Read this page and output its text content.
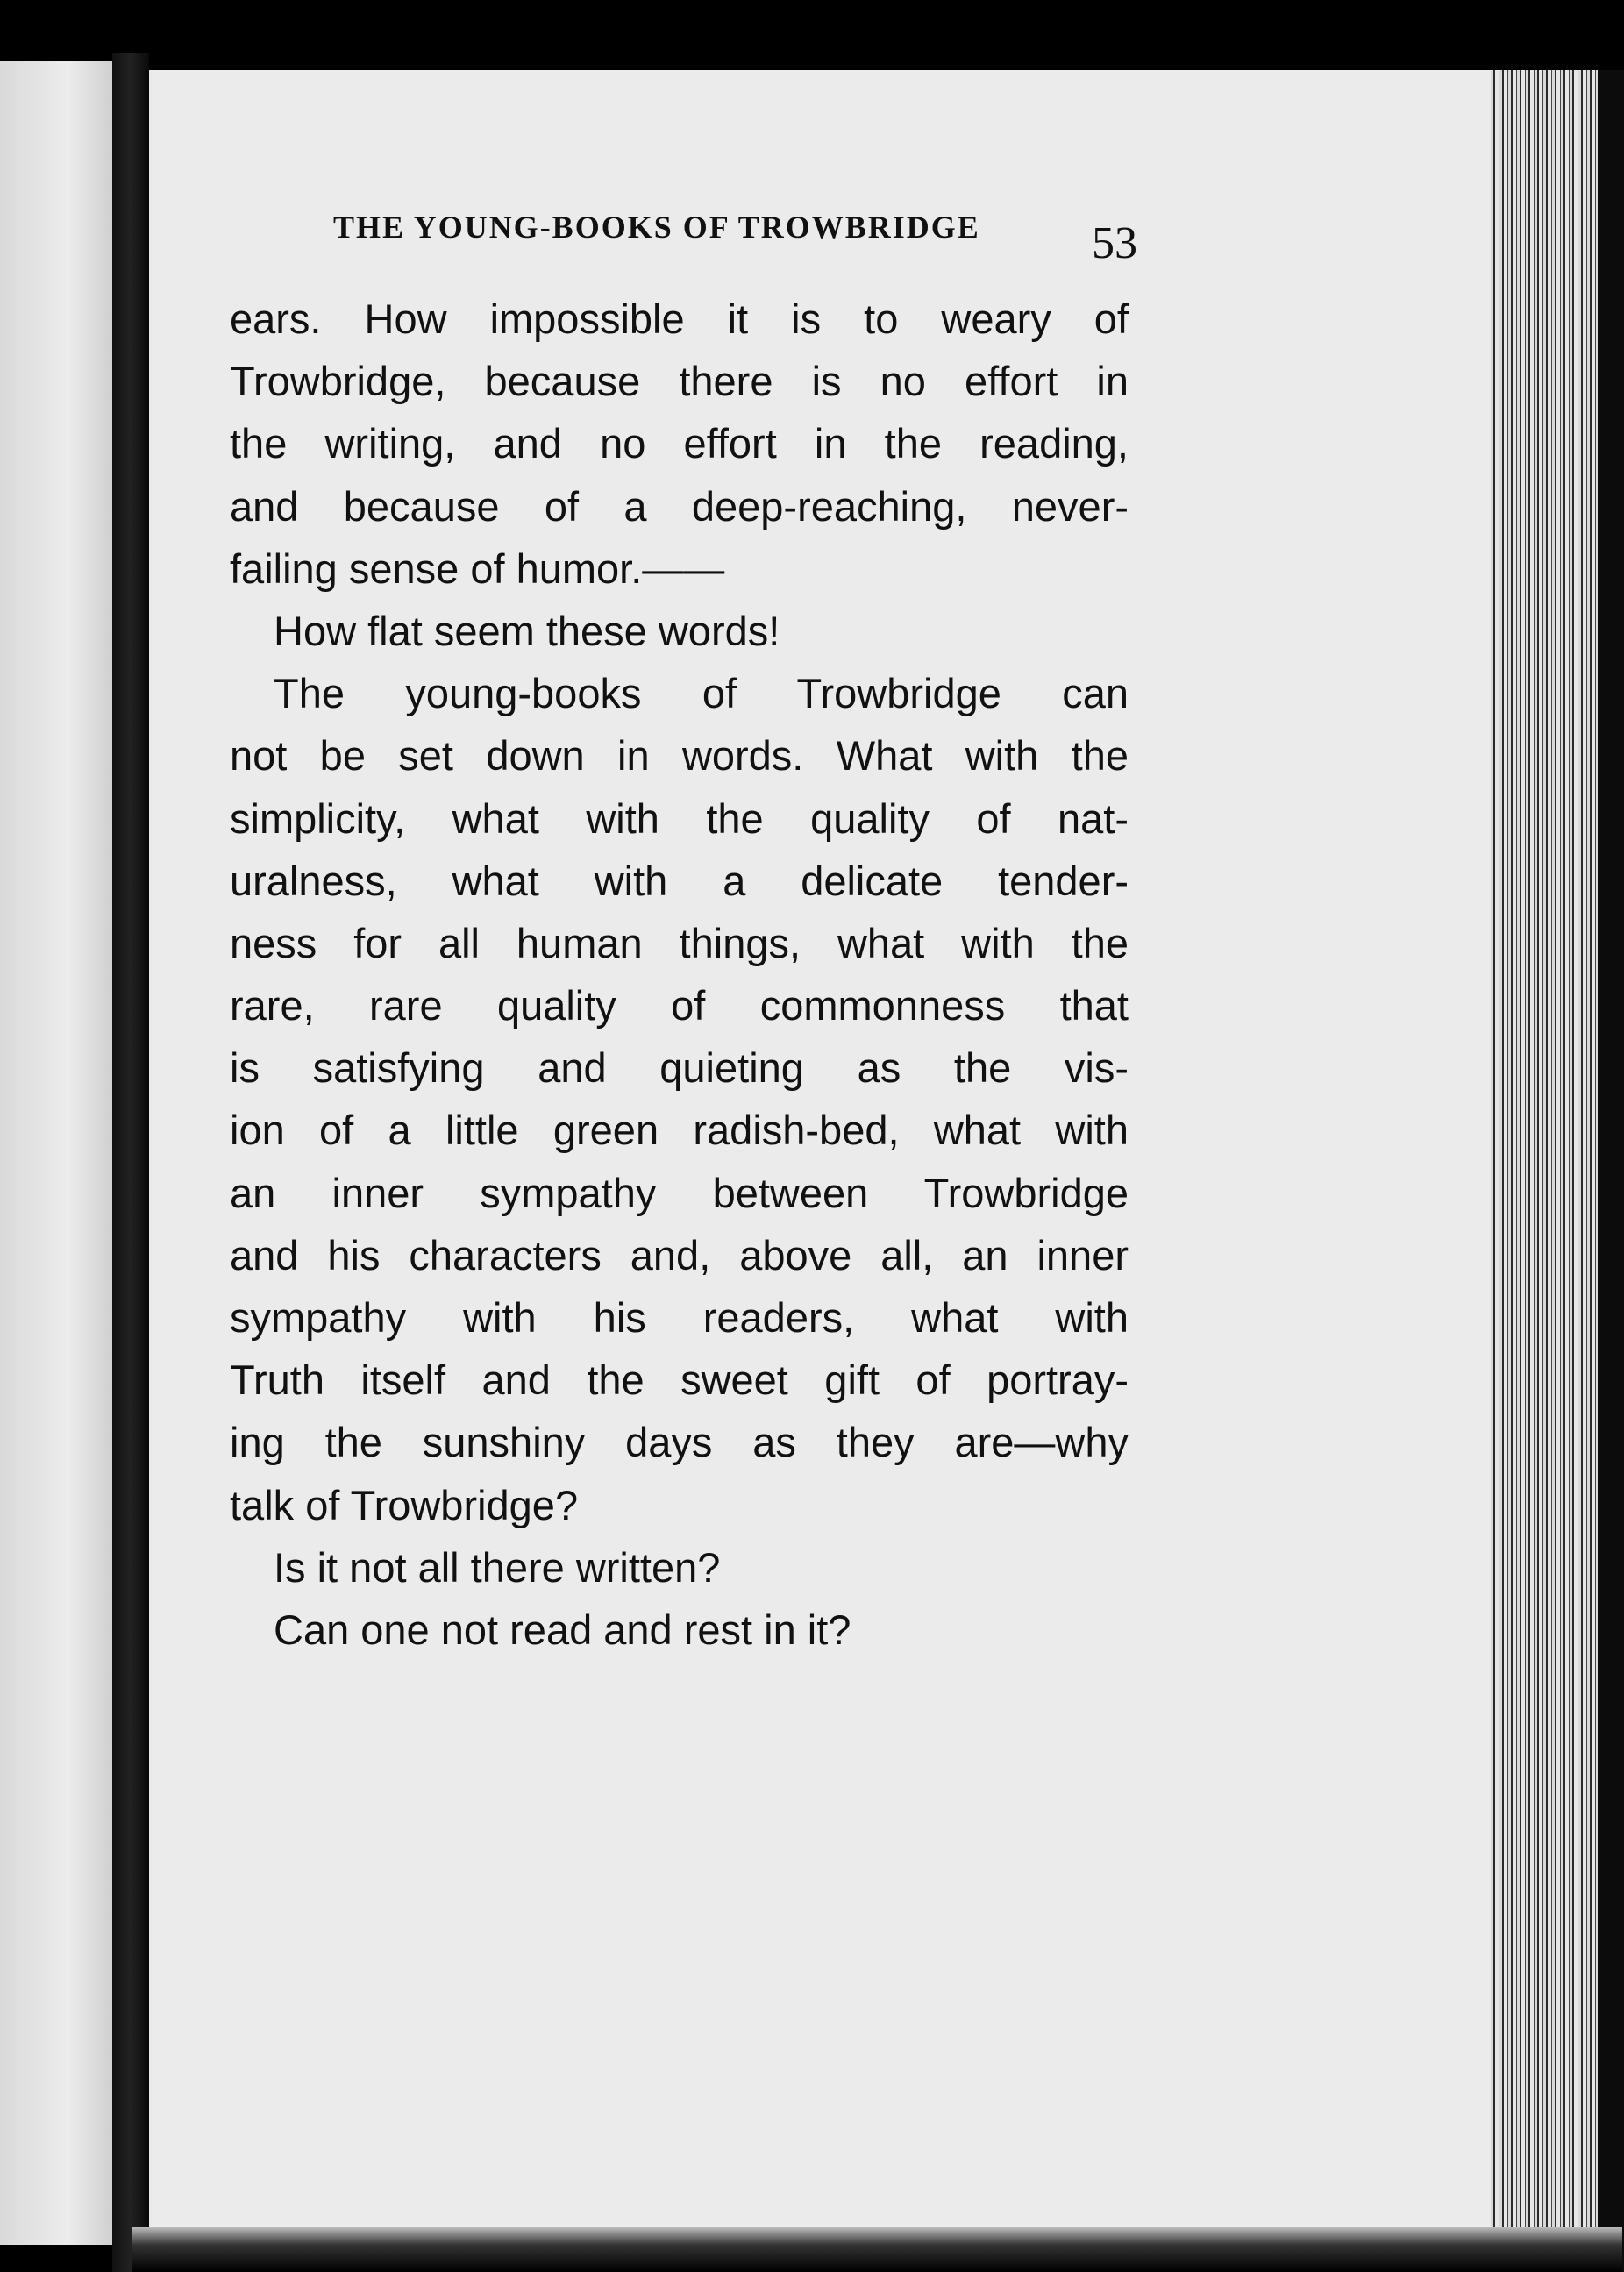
THE YOUNG-BOOKS OF TROWBRIDGE	53
ears. How impossible it is to weary of
Trowbridge, because there is no effort in
the writing, and no effort in the reading,
and because of a deep-reaching, never-
failing sense of humor.——
How flat seem these words!
The young-books of Trowbridge can
not be set down in words. What with the
simplicity, what with the quality of nat-
uralness, what with a delicate tender-
ness for all human things, what with the
rare, rare quality of commonness that
is satisfying and quieting as the vis-
ion of a little green radish-bed, what with
an inner sympathy between Trowbridge
and his characters and, above all, an inner
sympathy with his readers, what with
Truth itself and the sweet gift of portray-
ing the sunshiny days as they are—why
talk of Trowbridge?
Is it not all there written?
Can one not read and rest in it?
